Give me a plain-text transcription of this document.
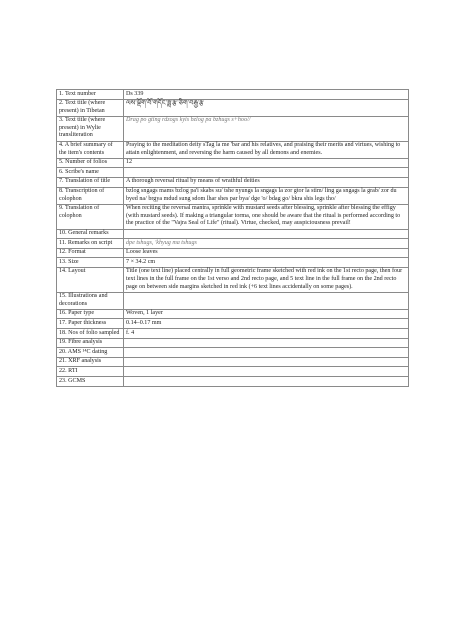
1. Text number	Ds 339
2. Text title (where present) in Tibetan	ལས་ལྡོག་བོ་གདོང་ཟླ་རྩ་ཅིག་བརྒྱ་རྩ
3. Text title (where present) in Wylie transliteration	Drag po gting rdzogs kyis bzlog pa bzhugs s+hoo//
4. A brief summary of the item's contents	Praying to the meditation deity sTag la me 'bar and his relatives, and praising their merits and virtues, wishing to attain enlightenment, and reversing the harm caused by all demons and enemies.
5. Number of folios	12
6. Scribe's name	
7. Translation of title	A thorough reversal ritual by means of wrathful deities
8. Transcription of colophon	bzlog sngags mams bzlog pa'i skabs su/ tshe nyungs la sngags la zor gtor la stim/ ling ga sngags la grab/ zor du byed na/ brgya mdud sung sdom lhar shes par bya/ dge 'o/ bdag go/ bkra shis legs tho/
9. Translation of colophon	When reciting the reversal mantra, sprinkle with mustard seeds after blessing, sprinkle after blessing the effigy (with mustard seeds). If making a triangular torma, one should be aware that the ritual is performed according to the practice of the "Vajra Seal of Life" (ritual). Virtue, checked, may auspiciousness prevail!
10. General remarks	
11. Remarks on script	dpe tshugs, 'khyug ma tshugs
12. Format	Loose leaves
13. Size	7 × 34.2 cm
14. Layout	Title (one text line) placed centrally in full geometric frame sketched with red ink on the 1st recto page, then four text lines in the full frame on the 1st verso and 2nd recto page, and 5 text line in the full frame on the 2nd recto page on between side margins sketched in red ink (+6 text lines accidentally on some pages).
15. Illustrations and decorations	
16. Paper type	Woven, 1 layer
17. Paper thickness	0.14–0.17 mm
18. Nos of folio sampled	f. 4
19. Fibre analysis	
20. AMS ¹⁴C dating	
21. XRF analysis	
22. RTI	
23. GCMS	
